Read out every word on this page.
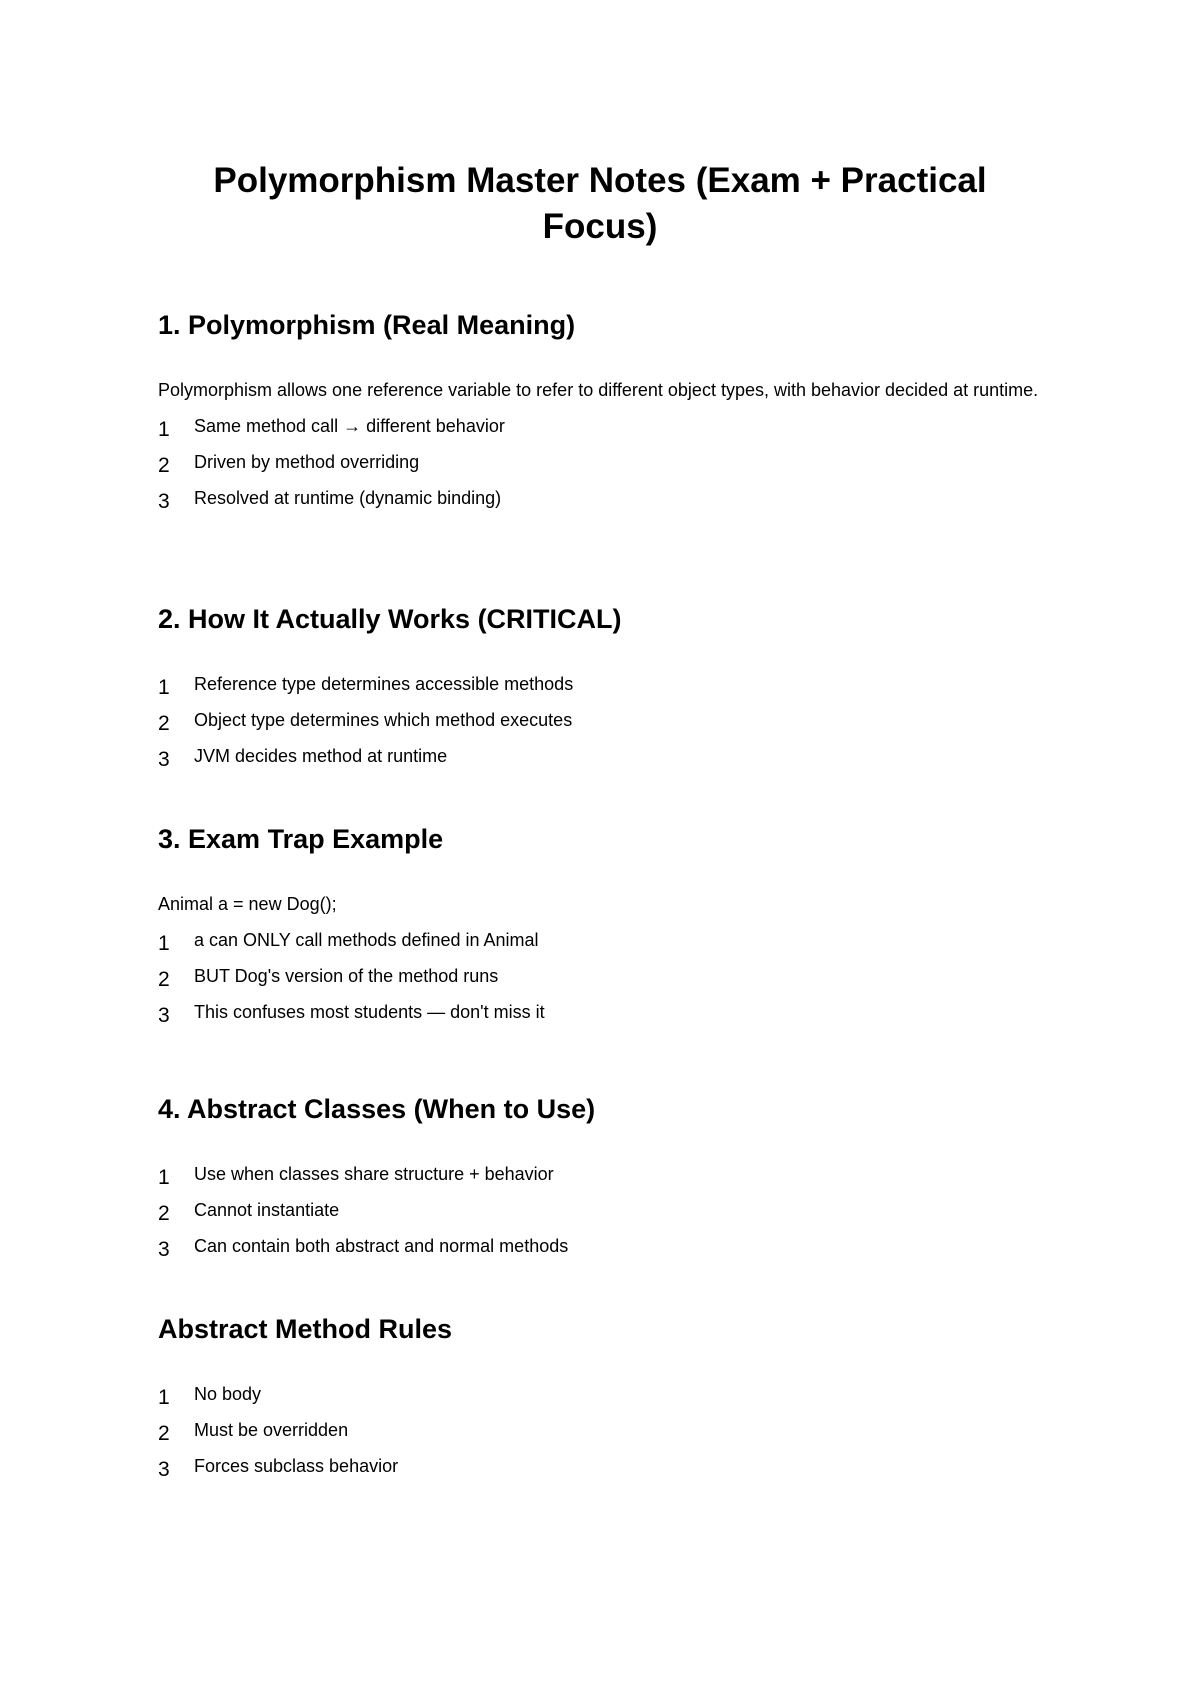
Polymorphism Master Notes (Exam + Practical Focus)
1. Polymorphism (Real Meaning)

Polymorphism allows one reference variable to refer to different object types, with behavior decided at runtime.

1	Same method call → different behavior
2	Driven by method overriding
3	Resolved at runtime (dynamic binding)
2. How It Actually Works (CRITICAL)
1	Reference type determines accessible methods
2	Object type determines which method executes
3	JVM decides method at runtime
3. Exam Trap Example

Animal a = new Dog();

1	a can ONLY call methods defined in Animal
2	BUT Dog's version of the method runs
3	This confuses most students — don't miss it
4. Abstract Classes (When to Use)
1	Use when classes share structure + behavior
2	Cannot instantiate
3	Can contain both abstract and normal methods
Abstract Method Rules
1	No body
2	Must be overridden
3	Forces subclass behavior
